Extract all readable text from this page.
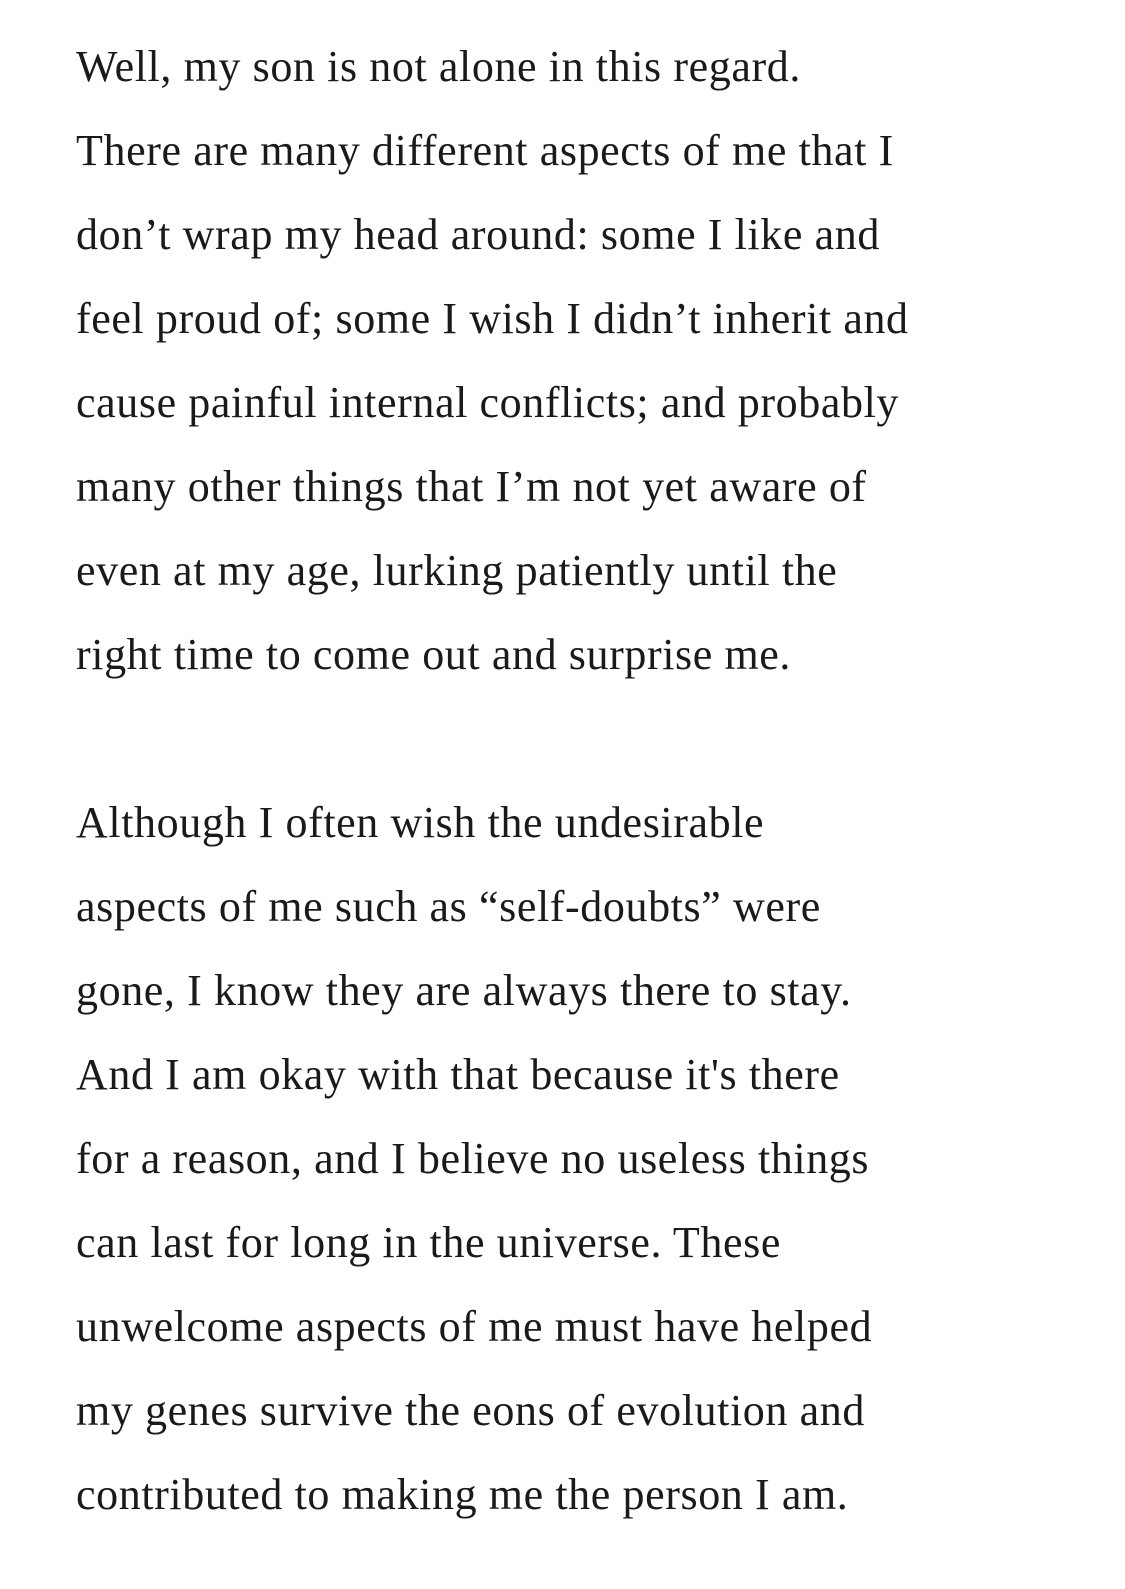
Well, my son is not alone in this regard.
There are many different aspects of me that I
don’t wrap my head around: some I like and
feel proud of; some I wish I didn’t inherit and
cause painful internal conflicts; and probably
many other things that I’m not yet aware of
even at my age, lurking patiently until the
right time to come out and surprise me.

Although I often wish the undesirable
aspects of me such as “self-doubts” were
gone, I know they are always there to stay.
And I am okay with that because it's there
for a reason, and I believe no useless things
can last for long in the universe. These
unwelcome aspects of me must have helped
my genes survive the eons of evolution and
contributed to making me the person I am.
